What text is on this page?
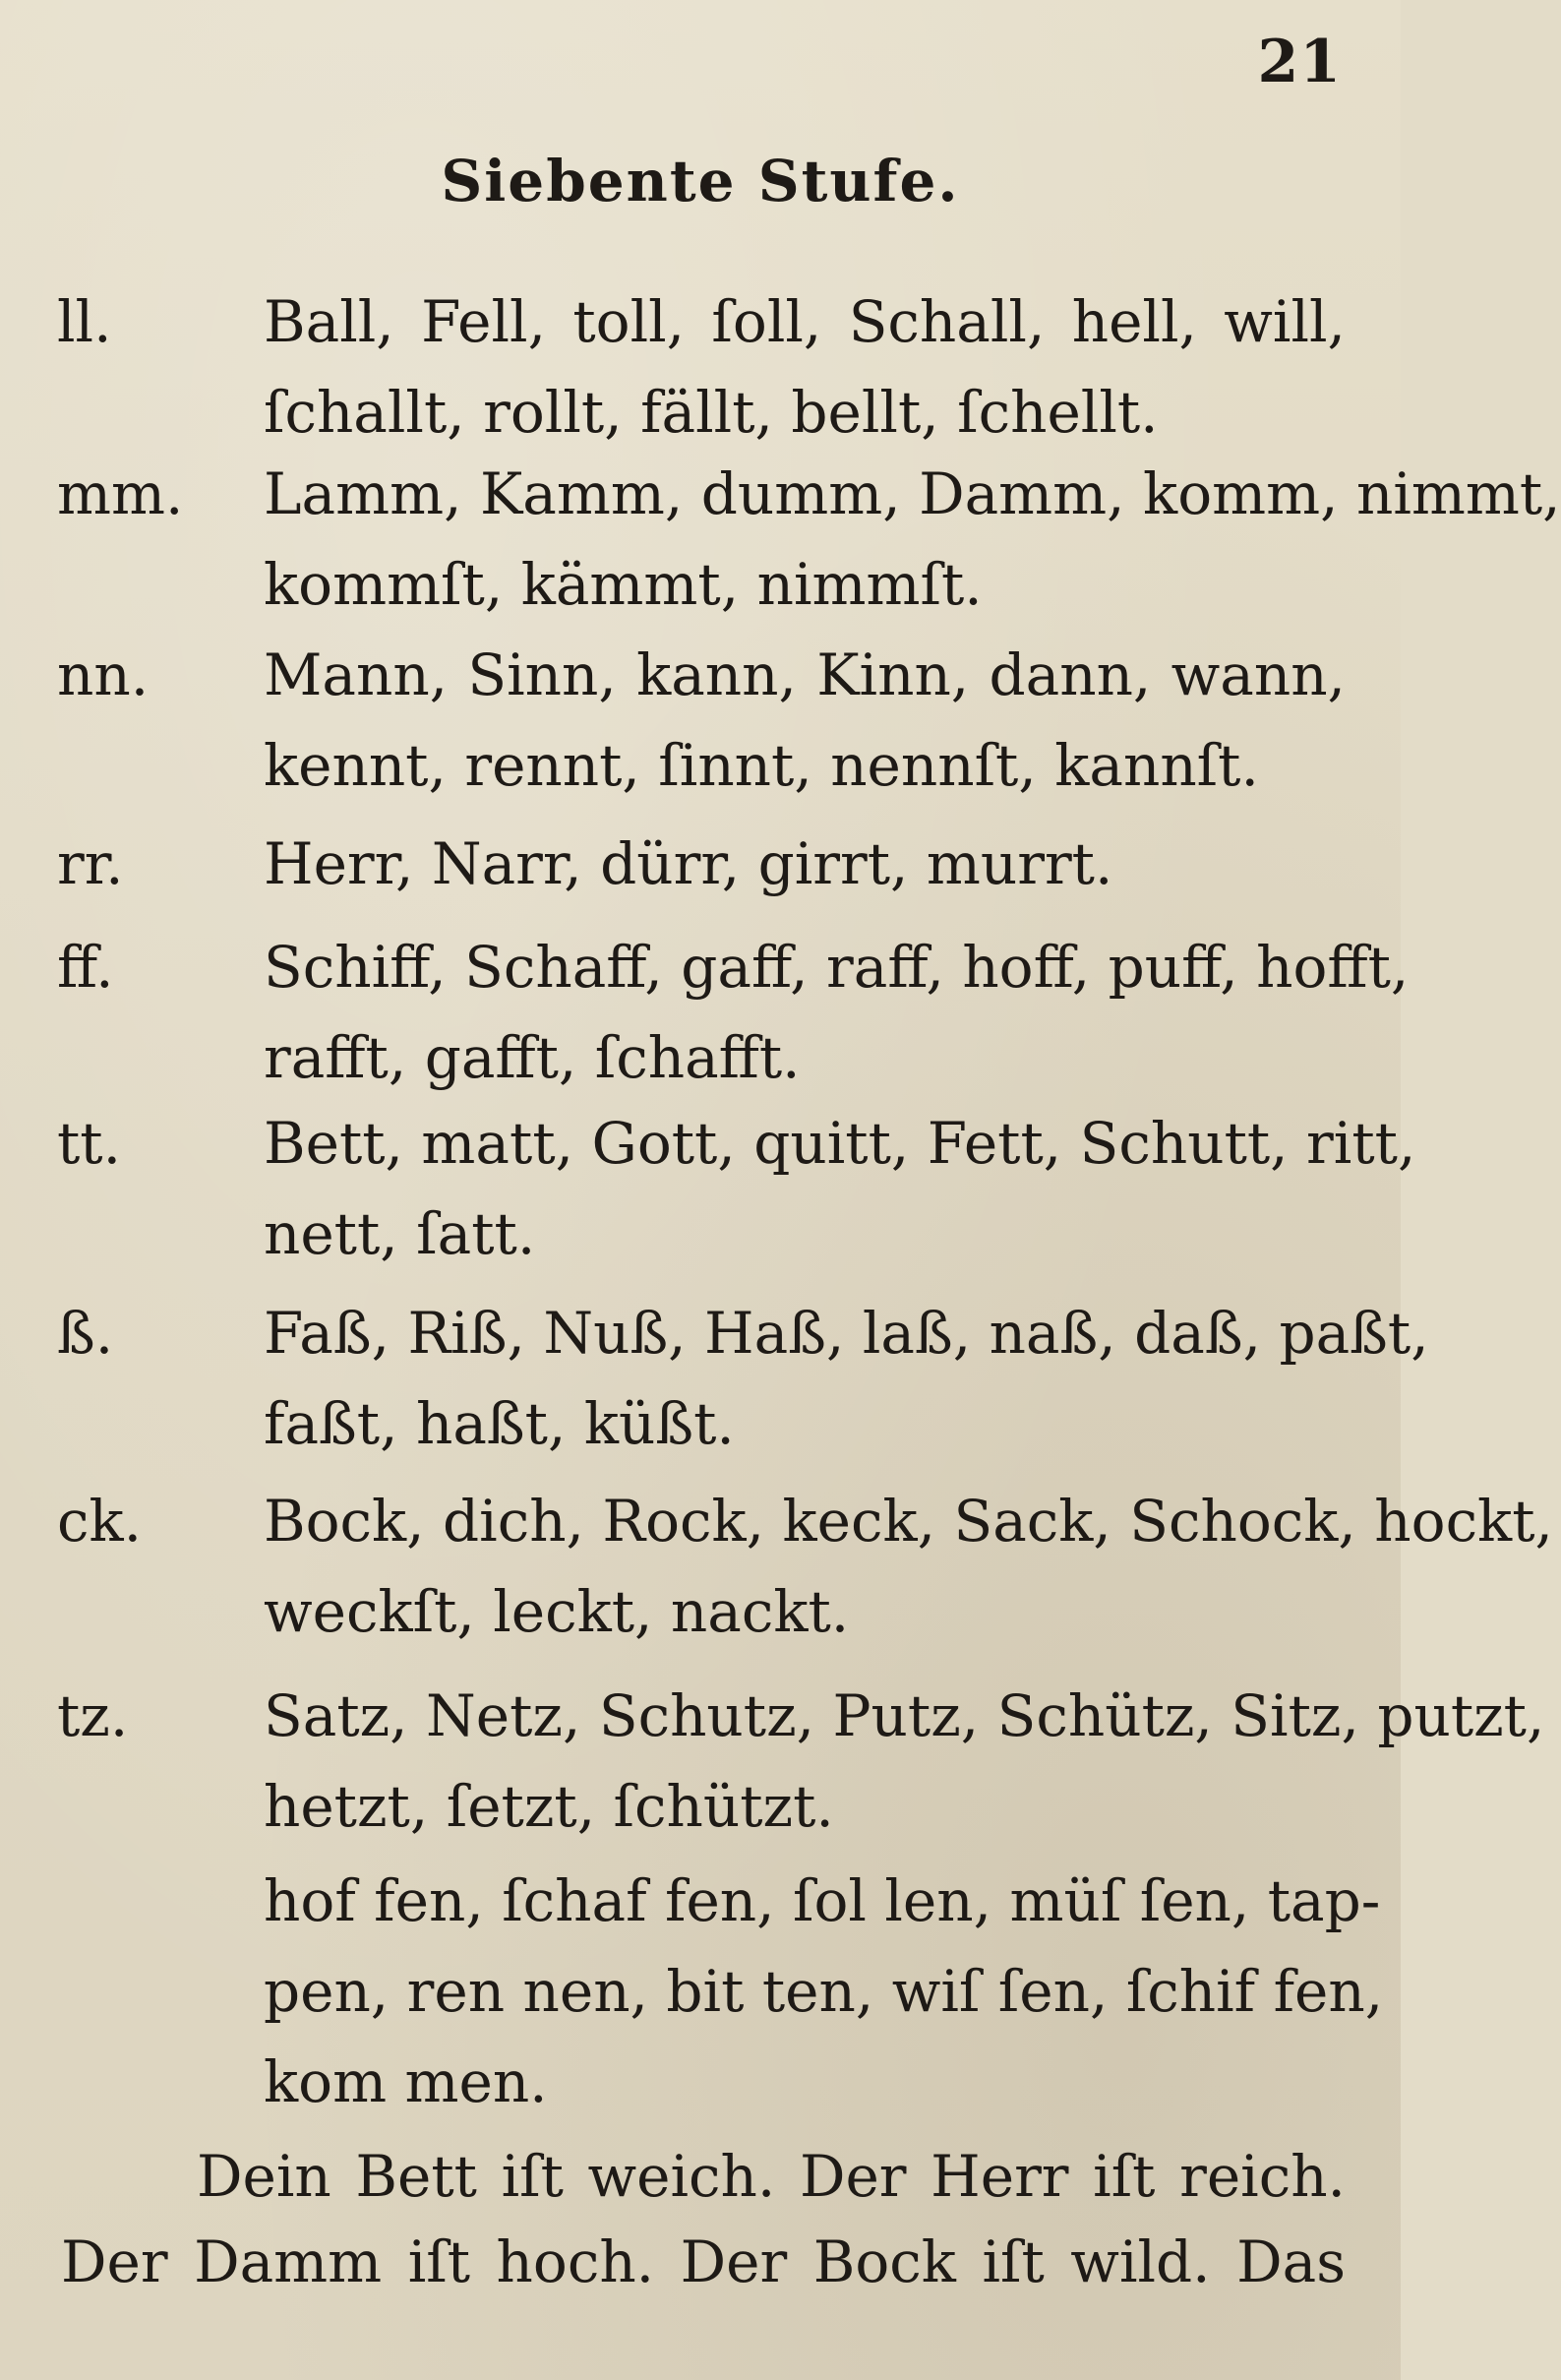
21
Siebente Stufe.
ll.	Ball, Fell, toll, ſoll, Schall, hell, will,
ſchallt, rollt, fällt, bellt, ſchellt.
mm. Lamm, Kamm, dumm, Damm, komm, nimmt,
kommſt, kämmt, nimmſt.
nn. Mann, Sinn, kann, Kinn, dann, wann,
kennt, rennt, ſinnt, nennſt, kannſt.
rr. Herr, Narr, dürr, girrt, murrt.
ff.	Schiff, Schaff, gaff, raff, hoff, puff, hofft,
rafft, gafft, ſchafft.
tt. Bett, matt, Gott, quitt, Fett, Schutt, ritt,
nett, ſatt.
ß.	Faß, Riß, Nuß, Haß, laß, naß, daß, paßt,
faßt, haßt, küßt.
ck. Bock, dich, Rock, keck, Sack, Schock, hockt,
weckſt, leckt, nackt.
tz. Satz, Netz, Schutz, Putz, Schütz, Sitz, putzt,
hetzt, ſetzt, ſchützt.
hof fen, ſchaf fen, ſol len, müſ ſen, tap-
pen, ren nen, bit ten, wiſ ſen, ſchif fen,
kom men.
Dein Bett iſt weich. Der Herr iſt reich.
Der Damm iſt hoch. Der Bock iſt wild. Das
